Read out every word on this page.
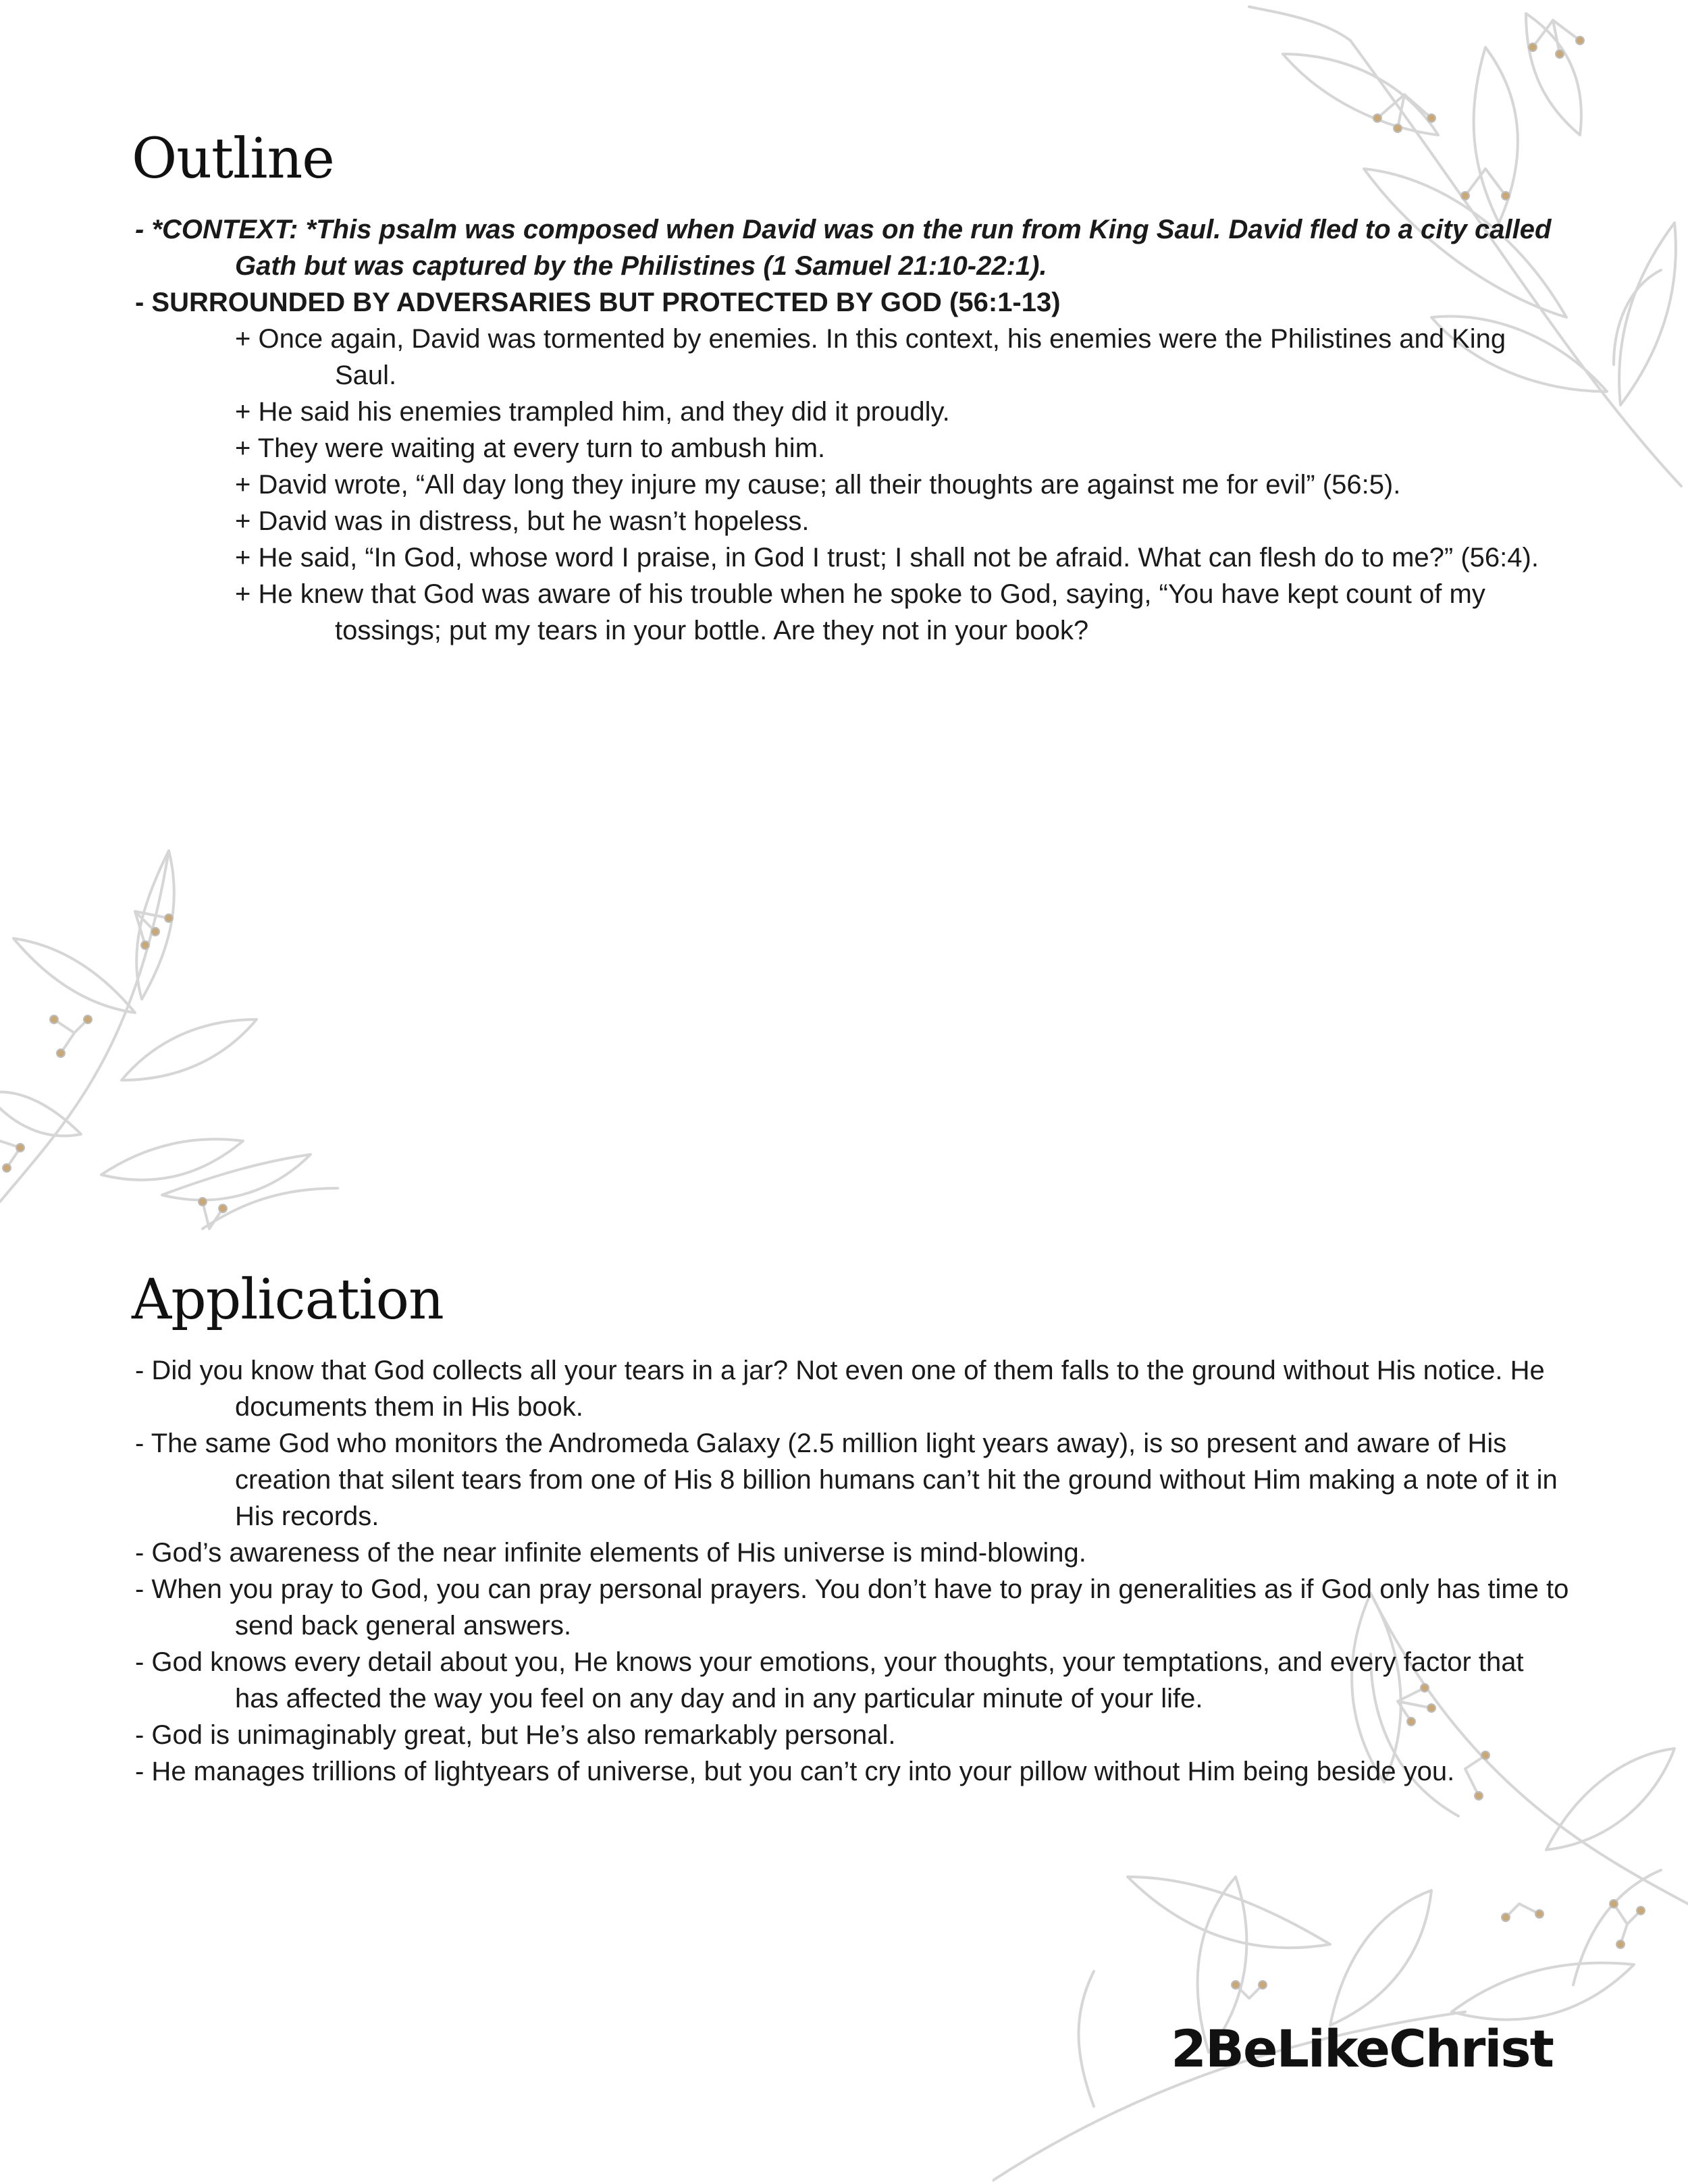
Outline

- *CONTEXT: *This psalm was composed when David was on the run from King Saul. David fled to a city called Gath but was captured by the Philistines (1 Samuel 21:10-22:1).

- SURROUNDED BY ADVERSARIES BUT PROTECTED BY GOD (56:1-13)

+ Once again, David was tormented by enemies. In this context, his enemies were the Philistines and King Saul.

+ He said his enemies trampled him, and they did it proudly.

+ They were waiting at every turn to ambush him.

+ David wrote, “All day long they injure my cause; all their thoughts are against me for evil” (56:5).

+ David was in distress, but he wasn’t hopeless.

+ He said, “In God, whose word I praise, in God I trust; I shall not be afraid. What can flesh do to me?” (56:4).

+ He knew that God was aware of his trouble when he spoke to God, saying, “You have kept count of my tossings; put my tears in your bottle. Are they not in your book?

Application

- Did you know that God collects all your tears in a jar? Not even one of them falls to the ground without His notice. He documents them in His book.

- The same God who monitors the Andromeda Galaxy (2.5 million light years away), is so present and aware of His creation that silent tears from one of His 8 billion humans can’t hit the ground without Him making a note of it in His records.

- God’s awareness of the near infinite elements of His universe is mind-blowing.

- When you pray to God, you can pray personal prayers. You don’t have to pray in generalities as if God only has time to send back general answers.

- God knows every detail about you, He knows your emotions, your thoughts, your temptations, and every factor that has affected the way you feel on any day and in any particular minute of your life.

- God is unimaginably great, but He’s also remarkably personal.

- He manages trillions of lightyears of universe, but you can’t cry into your pillow without Him being beside you.

2BeLikeChrist
